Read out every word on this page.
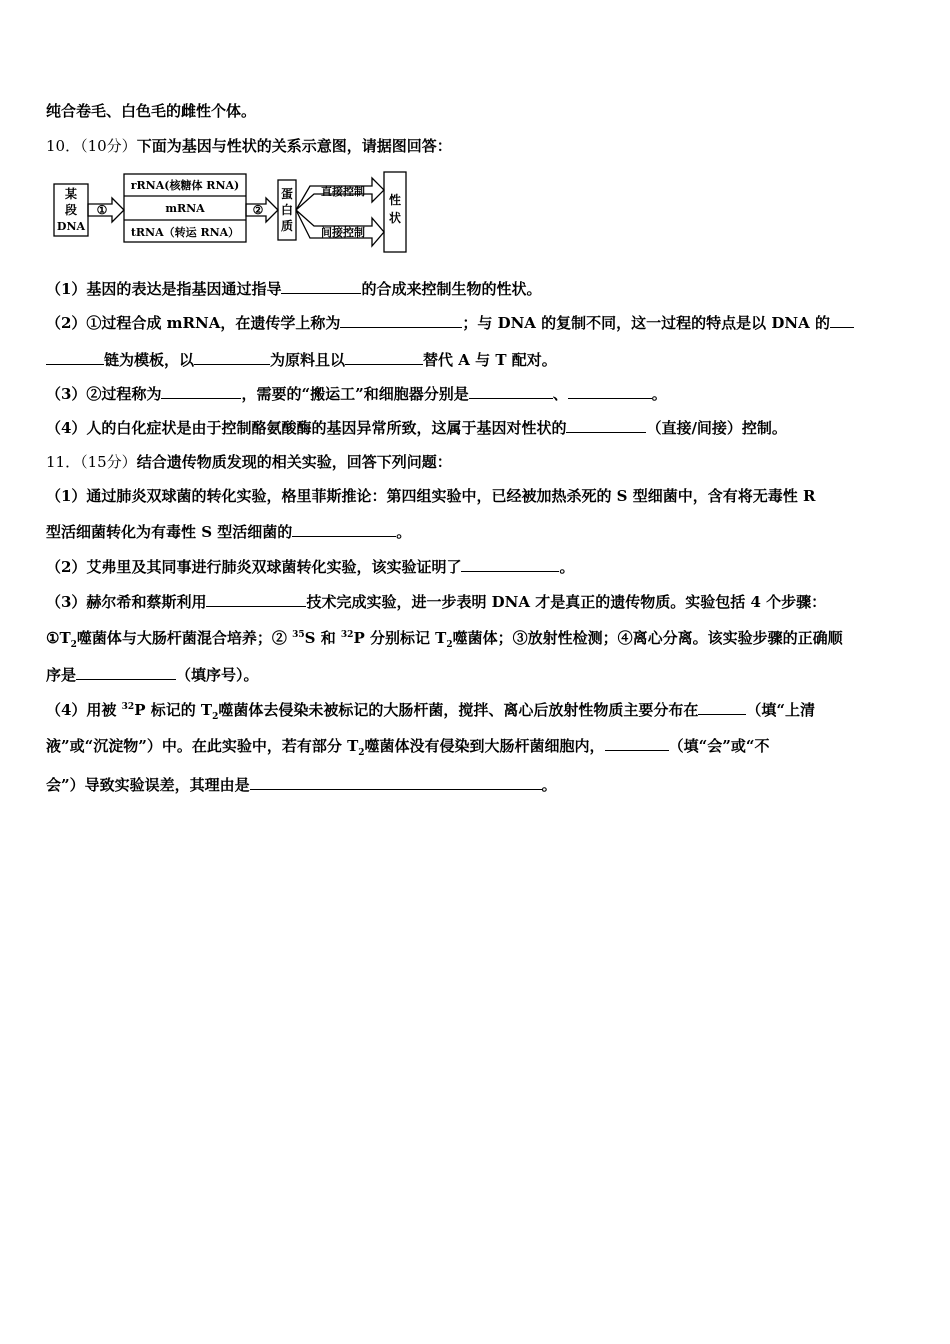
纯合卷毛、白色毛的雌性个体。
10．（10分）下面为基因与性状的关系示意图，请据图回答：
某
段
DNA
①
rRNA(核糖体 RNA)
mRNA
tRNA（转运 RNA）
②
蛋
白
质
直接控制
间接控制
性
状
（1）基因的表达是指基因通过指导	的合成来控制生物的性状。
（2）①过程合成 mRNA，在遗传学上称为	；与 DNA 的复制不同，这一过程的特点是以 DNA 的
链为模板，以	为原料且以	替代 A 与 T 配对。
（3）②过程称为	，需要的“搬运工”和细胞器分别是	、	。
（4）人的白化症状是由于控制酪氨酸酶的基因异常所致，这属于基因对性状的	（直接/间接）控制。
11．（15分）结合遗传物质发现的相关实验，回答下列问题：
（1）通过肺炎双球菌的转化实验，格里菲斯推论：第四组实验中，已经被加热杀死的 S 型细菌中，含有将无毒性 R
型活细菌转化为有毒性 S 型活细菌的	。
（2）艾弗里及其同事进行肺炎双球菌转化实验，该实验证明了	。
（3）赫尔希和蔡斯利用	技术完成实验，进一步表明 DNA 才是真正的遗传物质。实验包括 4 个步骤：
$①T_2$噬菌体与大肠杆菌混合培养；② $^{35}$S 和 $^{32}$P 分别标记 $T_2$噬菌体；③放射性检测；④离心分离。该实验步骤的正确顺
序是	（填序号）。
（4）用被 $^{32}$P 标记的 $T_2$噬菌体去侵染未被标记的大肠杆菌，搅拌、离心后放射性物质主要分布在	（填“上清
液”或“沉淀物”）中。在此实验中，若有部分 $T_2$噬菌体没有侵染到大肠杆菌细胞内，	（填“会”或“不
会”）导致实验误差，其理由是	。
